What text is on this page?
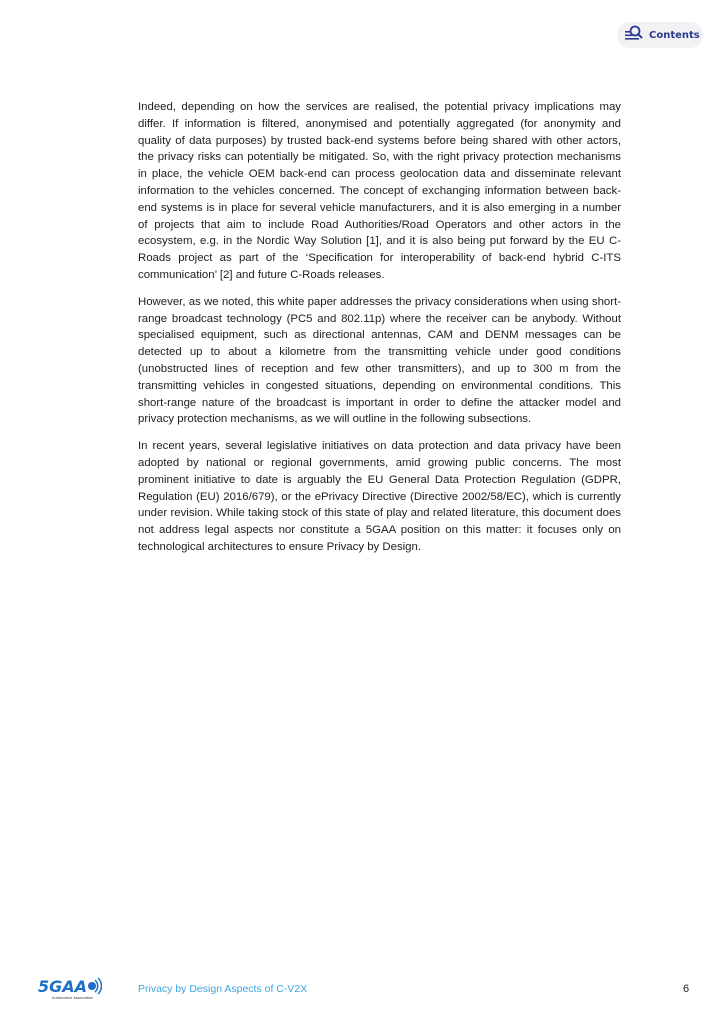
Contents

Indeed, depending on how the services are realised, the potential privacy implications may differ. If information is filtered, anonymised and potentially aggregated (for anonymity and quality of data purposes) by trusted back-end systems before being shared with other actors, the privacy risks can potentially be mitigated. So, with the right privacy protection mechanisms in place, the vehicle OEM back-end can process geolocation data and disseminate relevant information to the vehicles concerned. The concept of exchanging information between back-end systems is in place for several vehicle manufacturers, and it is also emerging in a number of projects that aim to include Road Authorities/Road Operators and other actors in the ecosystem, e.g. in the Nordic Way Solution [1], and it is also being put forward by the EU C-Roads project as part of the ‘Specification for interoperability of back-end hybrid C-ITS communication’ [2] and future C-Roads releases.

However, as we noted, this white paper addresses the privacy considerations when using short-range broadcast technology (PC5 and 802.11p) where the receiver can be anybody. Without specialised equipment, such as directional antennas, CAM and DENM messages can be detected up to about a kilometre from the transmitting vehicle under good conditions (unobstructed lines of reception and few other transmitters), and up to 300 m from the transmitting vehicles in congested situations, depending on environmental conditions. This short-range nature of the broadcast is important in order to define the attacker model and privacy protection mechanisms, as we will outline in the following subsections.

In recent years, several legislative initiatives on data protection and data privacy have been adopted by national or regional governments, amid growing public concerns. The most prominent initiative to date is arguably the EU General Data Protection Regulation (GDPR, Regulation (EU) 2016/679), or the ePrivacy Directive (Directive 2002/58/EC), which is currently under revision. While taking stock of this state of play and related literature, this document does not address legal aspects nor constitute a 5GAA position on this matter: it focuses only on technological architectures to ensure Privacy by Design.

5GAA
Automotive Association
Privacy by Design Aspects of C-V2X	6
